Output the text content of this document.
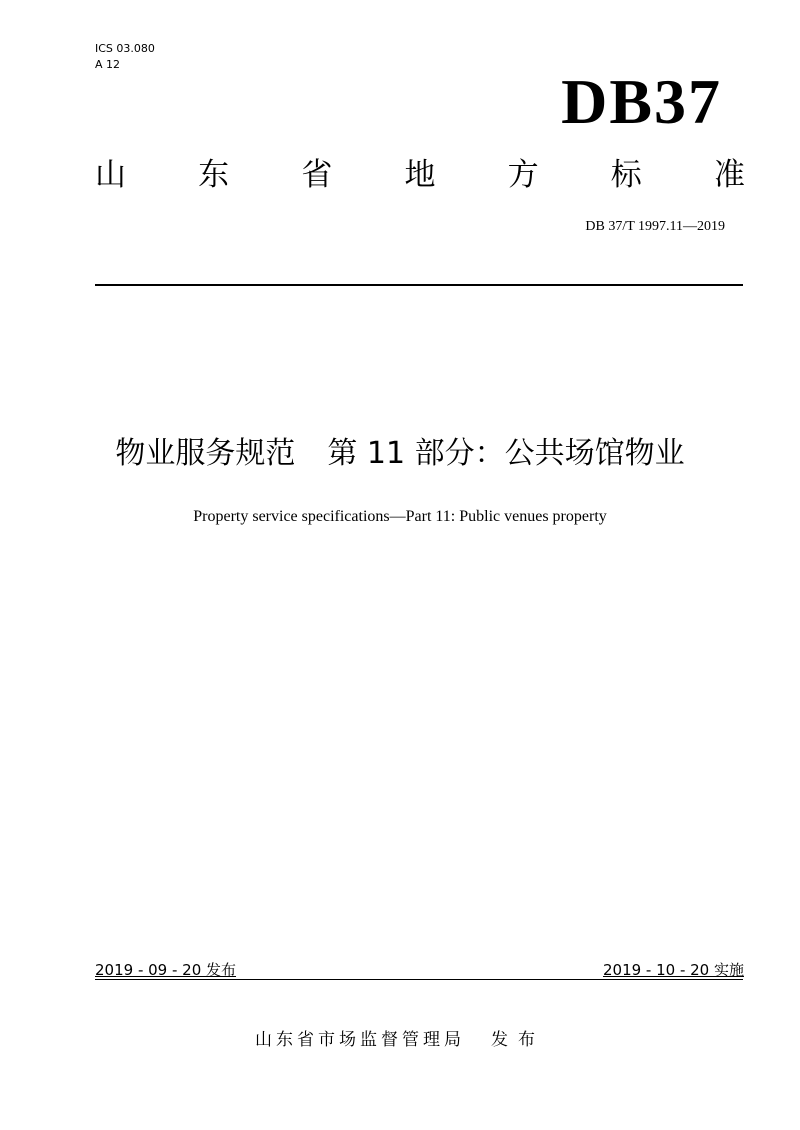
ICS 03.080
A 12
DB37
山 东 省 地 方 标 准
DB 37/T 1997.11—2019
物业服务规范 第 11 部分：公共场馆物业
Property service specifications—Part 11: Public venues property
2019 - 09 - 20 发布	2019 - 10 - 20 实施
山东省市场监督管理局 发布
